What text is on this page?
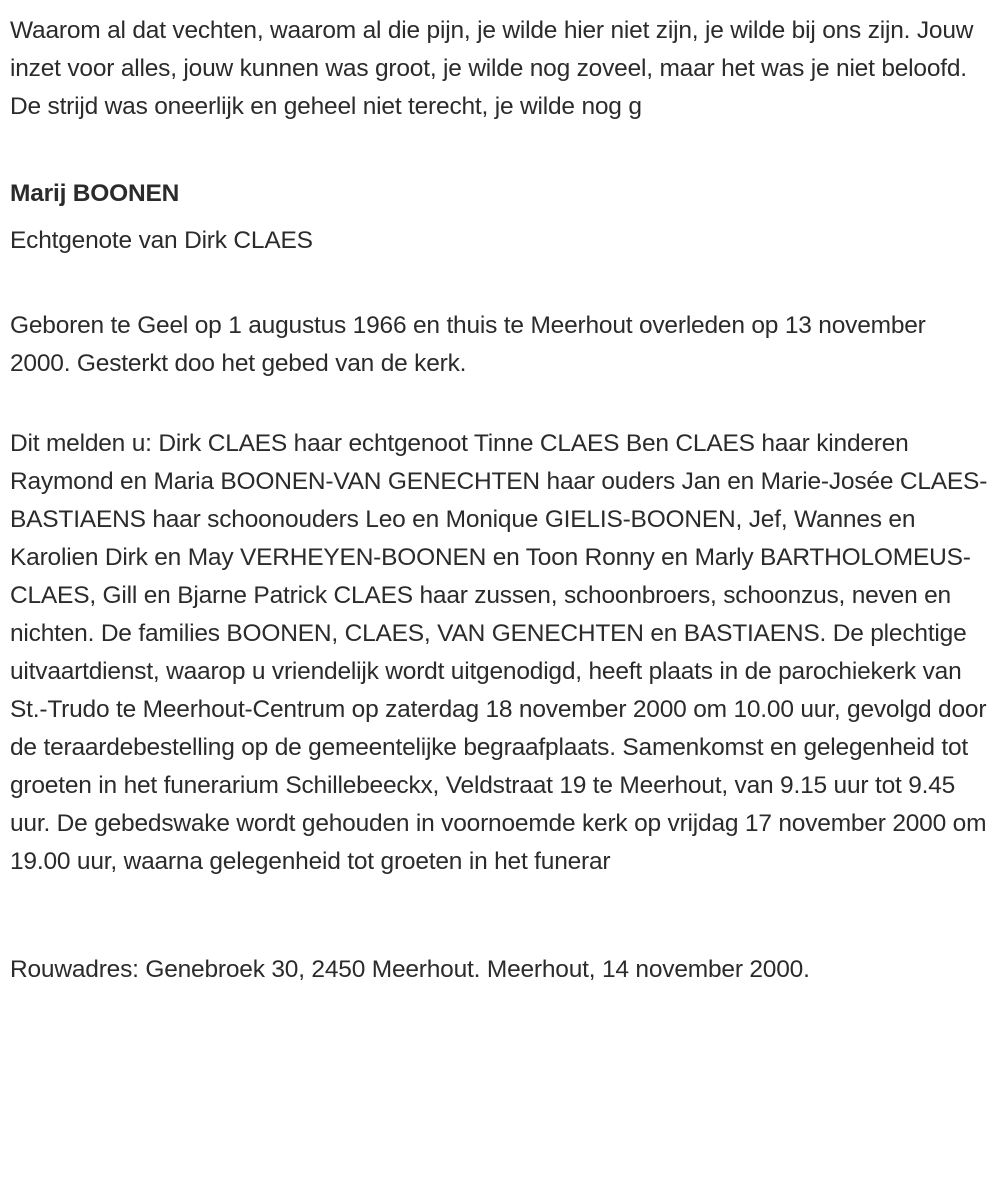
Waarom al dat vechten, waarom al die pijn, je wilde hier niet zijn, je wilde bij ons zijn. Jouw inzet voor alles, jouw kunnen was groot, je wilde nog zoveel, maar het was je niet beloofd. De strijd was oneerlijk en geheel niet terecht, je wilde nog g

Marij BOONEN

Echtgenote van Dirk CLAES

Geboren te Geel op 1 augustus 1966 en thuis te Meerhout overleden op 13 november 2000. Gesterkt doo het gebed van de kerk.

Dit melden u: Dirk CLAES haar echtgenoot Tinne CLAES Ben CLAES haar kinderen Raymond en Maria BOONEN-VAN GENECHTEN haar ouders Jan en Marie-Josée CLAES-BASTIAENS haar schoonouders Leo en Monique GIELIS-BOONEN, Jef, Wannes en Karolien Dirk en May VERHEYEN-BOONEN en Toon Ronny en Marly BARTHOLOMEUS-CLAES, Gill en Bjarne Patrick CLAES haar zussen, schoonbroers, schoonzus, neven en nichten. De families BOONEN, CLAES, VAN GENECHTEN en BASTIAENS. De plechtige uitvaartdienst, waarop u vriendelijk wordt uitgenodigd, heeft plaats in de parochiekerk van St.-Trudo te Meerhout-Centrum op zaterdag 18 november 2000 om 10.00 uur, gevolgd door de teraardebestelling op de gemeentelijke begraafplaats. Samenkomst en gelegenheid tot groeten in het funerarium Schillebeeckx, Veldstraat 19 te Meerhout, van 9.15 uur tot 9.45 uur. De gebedswake wordt gehouden in voornoemde kerk op vrijdag 17 november 2000 om 19.00 uur, waarna gelegenheid tot groeten in het funerar

Rouwadres: Genebroek 30, 2450 Meerhout. Meerhout, 14 november 2000.
